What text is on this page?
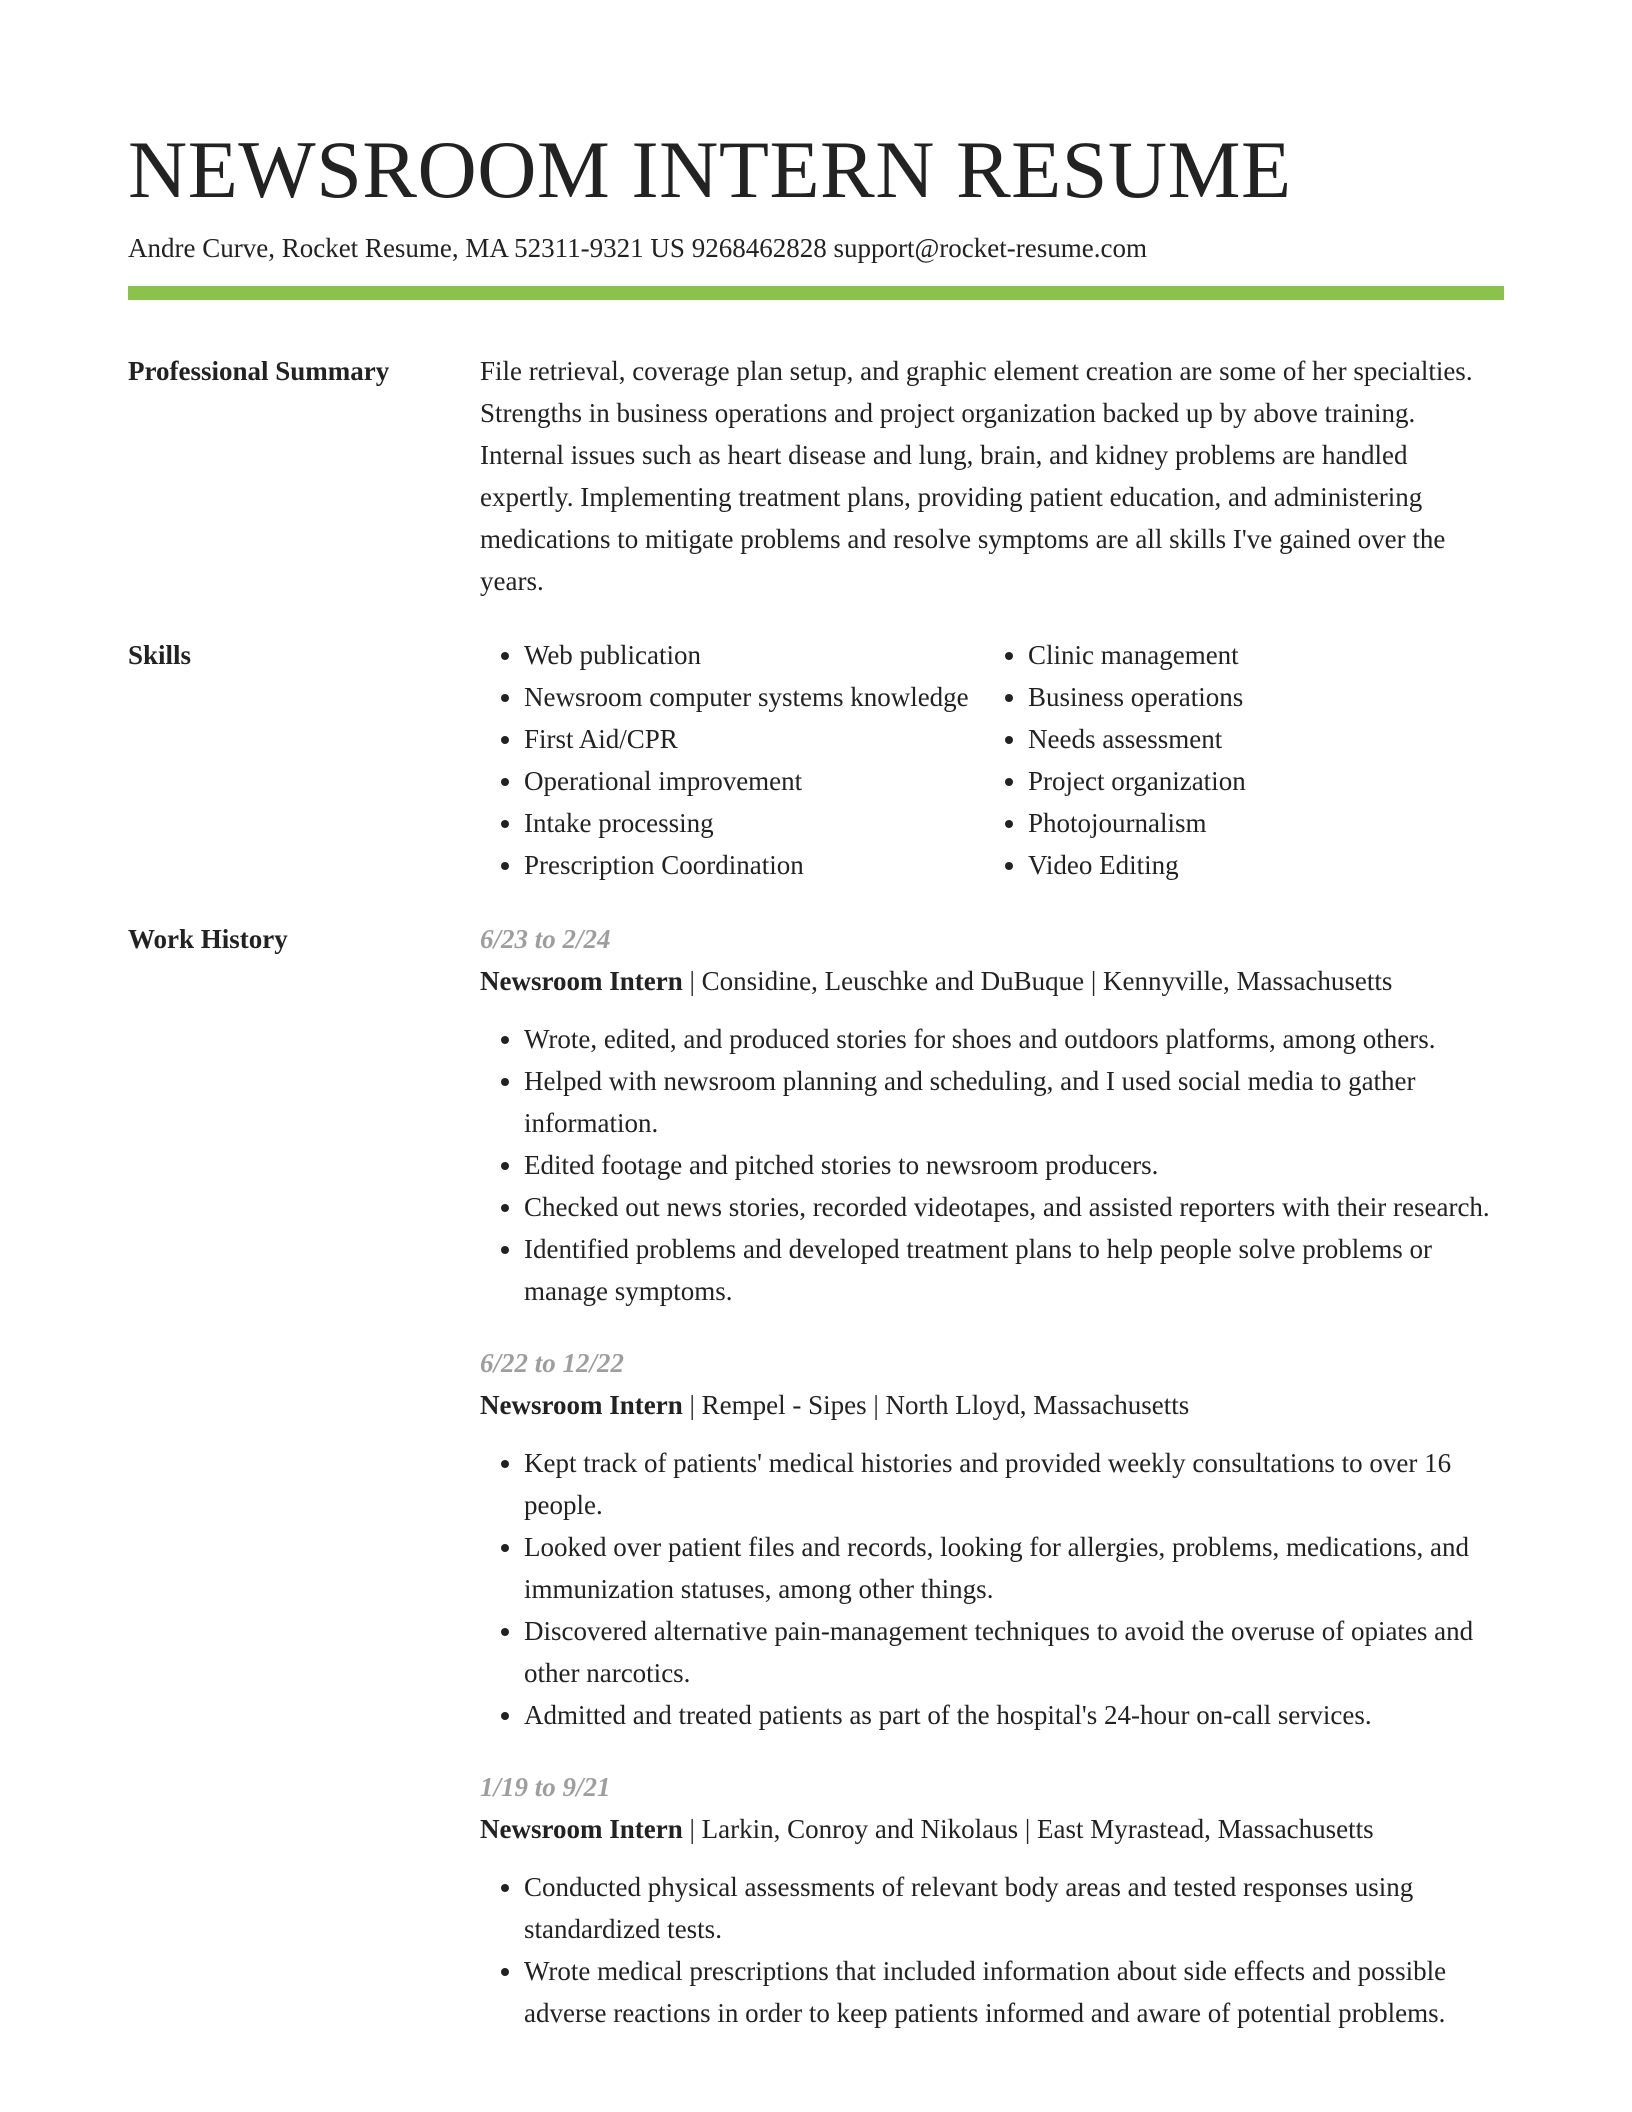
NEWSROOM INTERN RESUME
Andre Curve, Rocket Resume, MA 52311-9321 US 9268462828 support@rocket-resume.com
Professional Summary	File retrieval, coverage plan setup, and graphic element creation are some of her specialties. Strengths in business operations and project organization backed up by above training. Internal issues such as heart disease and lung, brain, and kidney problems are handled expertly. Implementing treatment plans, providing patient education, and administering medications to mitigate problems and resolve symptoms are all skills I've gained over the years.

Skills
•	Web publication
• Newsroom computer systems knowledge
• First Aid/CPR
• Operational improvement
• Intake processing
• Prescription Coordination
• Clinic management
• Business operations
• Needs assessment
• Project organization
• Photojournalism
• Video Editing
Work History	6/23 to 2/24
Newsroom Intern | Considine, Leuschke and DuBuque | Kennyville, Massachusetts
• Wrote, edited, and produced stories for shoes and outdoors platforms, among others.
• Helped with newsroom planning and scheduling, and I used social media to gather information.
• Edited footage and pitched stories to newsroom producers.
• Checked out news stories, recorded videotapes, and assisted reporters with their research.
• Identified problems and developed treatment plans to help people solve problems or manage symptoms.
6/22 to 12/22
Newsroom Intern | Rempel - Sipes | North Lloyd, Massachusetts
• Kept track of patients' medical histories and provided weekly consultations to over 16 people.
• Looked over patient files and records, looking for allergies, problems, medications, and immunization statuses, among other things.
• Discovered alternative pain-management techniques to avoid the overuse of opiates and other narcotics.
• Admitted and treated patients as part of the hospital's 24-hour on-call services.
1/19 to 9/21
Newsroom Intern | Larkin, Conroy and Nikolaus | East Myrastead, Massachusetts
• Conducted physical assessments of relevant body areas and tested responses using standardized tests.
• Wrote medical prescriptions that included information about side effects and possible adverse reactions in order to keep patients informed and aware of potential problems.
